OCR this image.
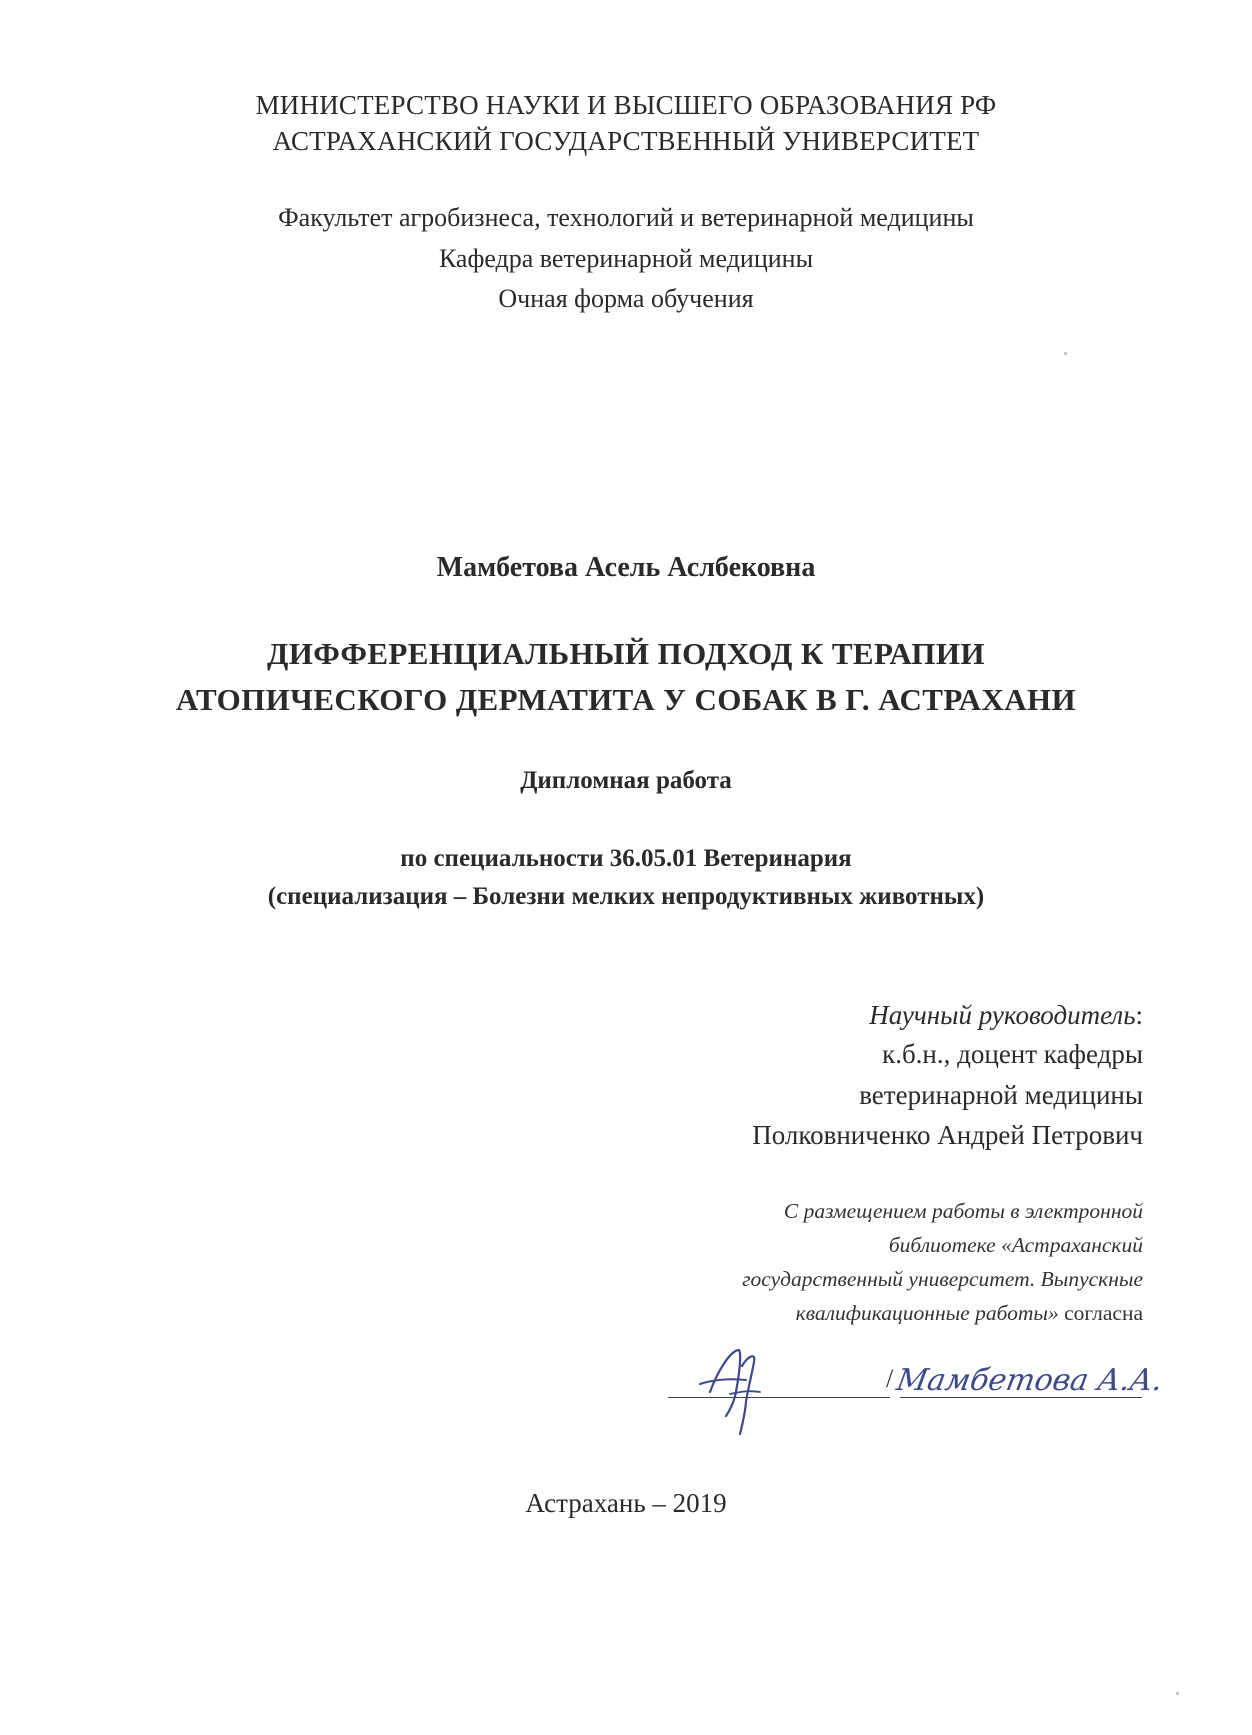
МИНИСТЕРСТВО НАУКИ И ВЫСШЕГО ОБРАЗОВАНИЯ РФ
АСТРАХАНСКИЙ ГОСУДАРСТВЕННЫЙ УНИВЕРСИТЕТ
Факультет агробизнеса, технологий и ветеринарной медицины
Кафедра ветеринарной медицины
Очная форма обучения
Мамбетова Асель Аслбековна
ДИФФЕРЕНЦИАЛЬНЫЙ ПОДХОД К ТЕРАПИИ
АТОПИЧЕСКОГО ДЕРМАТИТА У СОБАК В Г. АСТРАХАНИ
Дипломная работа
по специальности 36.05.01 Ветеринария
(специализация – Болезни мелких непродуктивных животных)
Научный руководитель:
к.б.н., доцент кафедры
ветеринарной медицины
Полковниченко Андрей Петрович
С размещением работы в электронной
библиотеке «Астраханский
государственный университет. Выпускные
квалификационные работы» согласна
/ Мамбетова А.А.
Астрахань – 2019
